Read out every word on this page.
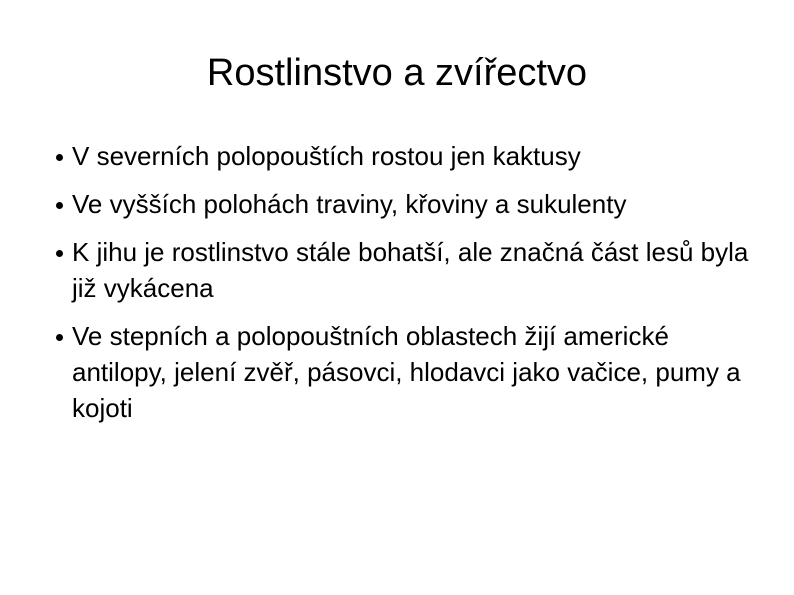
Rostlinstvo a zvířectvo
V severních polopouštích rostou jen kaktusy
Ve vyšších polohách traviny, křoviny a sukulenty
K jihu je rostlinstvo stále bohatší, ale značná část lesů byla již vykácena
Ve stepních a polopouštních oblastech žijí americké antilopy, jelení zvěř, pásovci, hlodavci jako vačice, pumy a kojoti
